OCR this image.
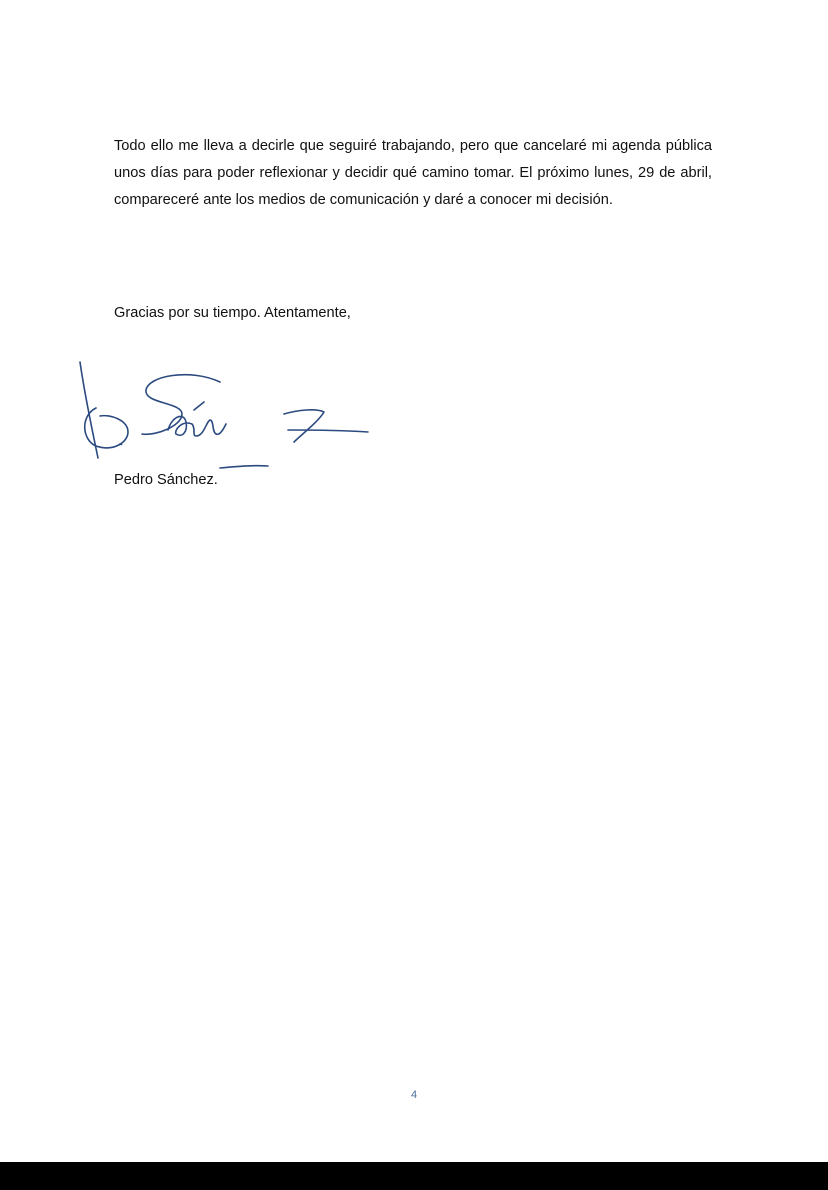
Todo ello me lleva a decirle que seguiré trabajando, pero que cancelaré mi agenda pública unos días para poder reflexionar y decidir qué camino tomar. El próximo lunes, 29 de abril, compareceré ante los medios de comunicación y daré a conocer mi decisión.

Gracias por su tiempo. Atentamente,

Pedro Sánchez.

4
